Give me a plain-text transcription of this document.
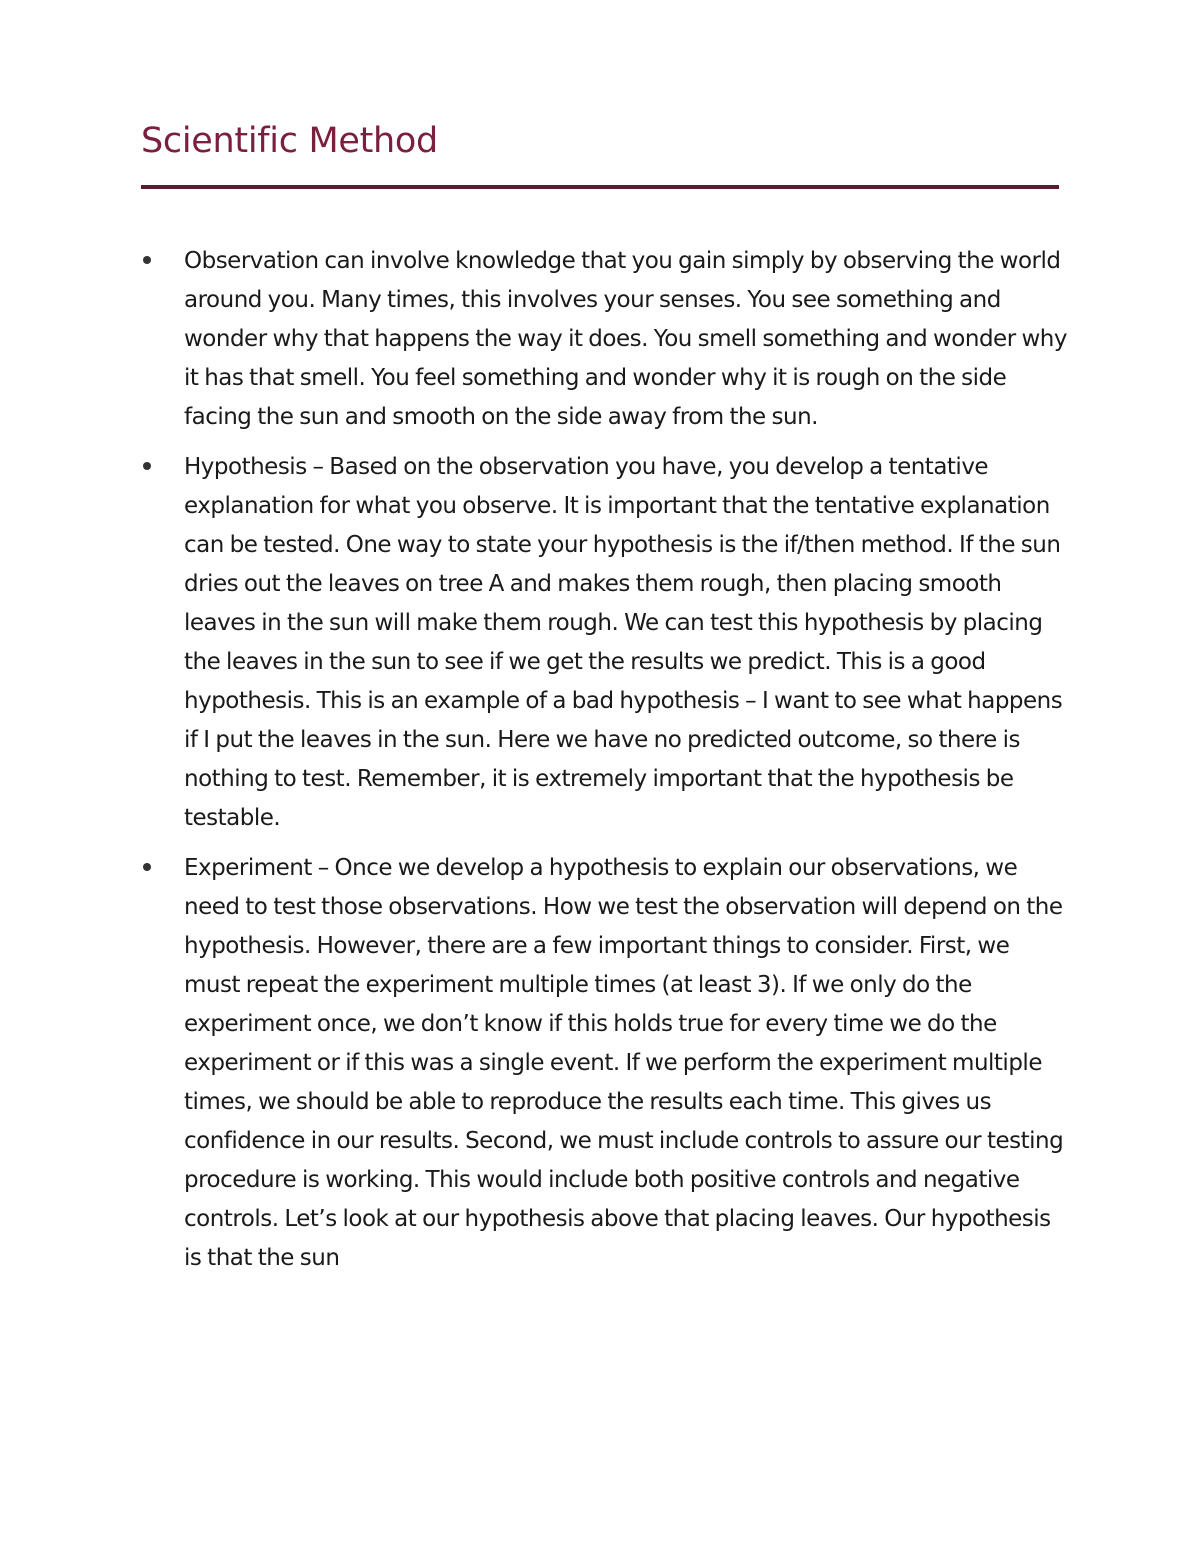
Scientific Method
Observation can involve knowledge that you gain simply by observing the world around you. Many times, this involves your senses. You see something and wonder why that happens the way it does. You smell something and wonder why it has that smell. You feel something and wonder why it is rough on the side facing the sun and smooth on the side away from the sun.
Hypothesis – Based on the observation you have, you develop a tentative explanation for what you observe. It is important that the tentative explanation can be tested. One way to state your hypothesis is the if/then method. If the sun dries out the leaves on tree A and makes them rough, then placing smooth leaves in the sun will make them rough. We can test this hypothesis by placing the leaves in the sun to see if we get the results we predict. This is a good hypothesis. This is an example of a bad hypothesis – I want to see what happens if I put the leaves in the sun. Here we have no predicted outcome, so there is nothing to test. Remember, it is extremely important that the hypothesis be testable.
Experiment – Once we develop a hypothesis to explain our observations, we need to test those observations. How we test the observation will depend on the hypothesis. However, there are a few important things to consider. First, we must repeat the experiment multiple times (at least 3). If we only do the experiment once, we don’t know if this holds true for every time we do the experiment or if this was a single event. If we perform the experiment multiple times, we should be able to reproduce the results each time. This gives us confidence in our results. Second, we must include controls to assure our testing procedure is working. This would include both positive controls and negative controls. Let’s look at our hypothesis above that placing leaves. Our hypothesis is that the sun
